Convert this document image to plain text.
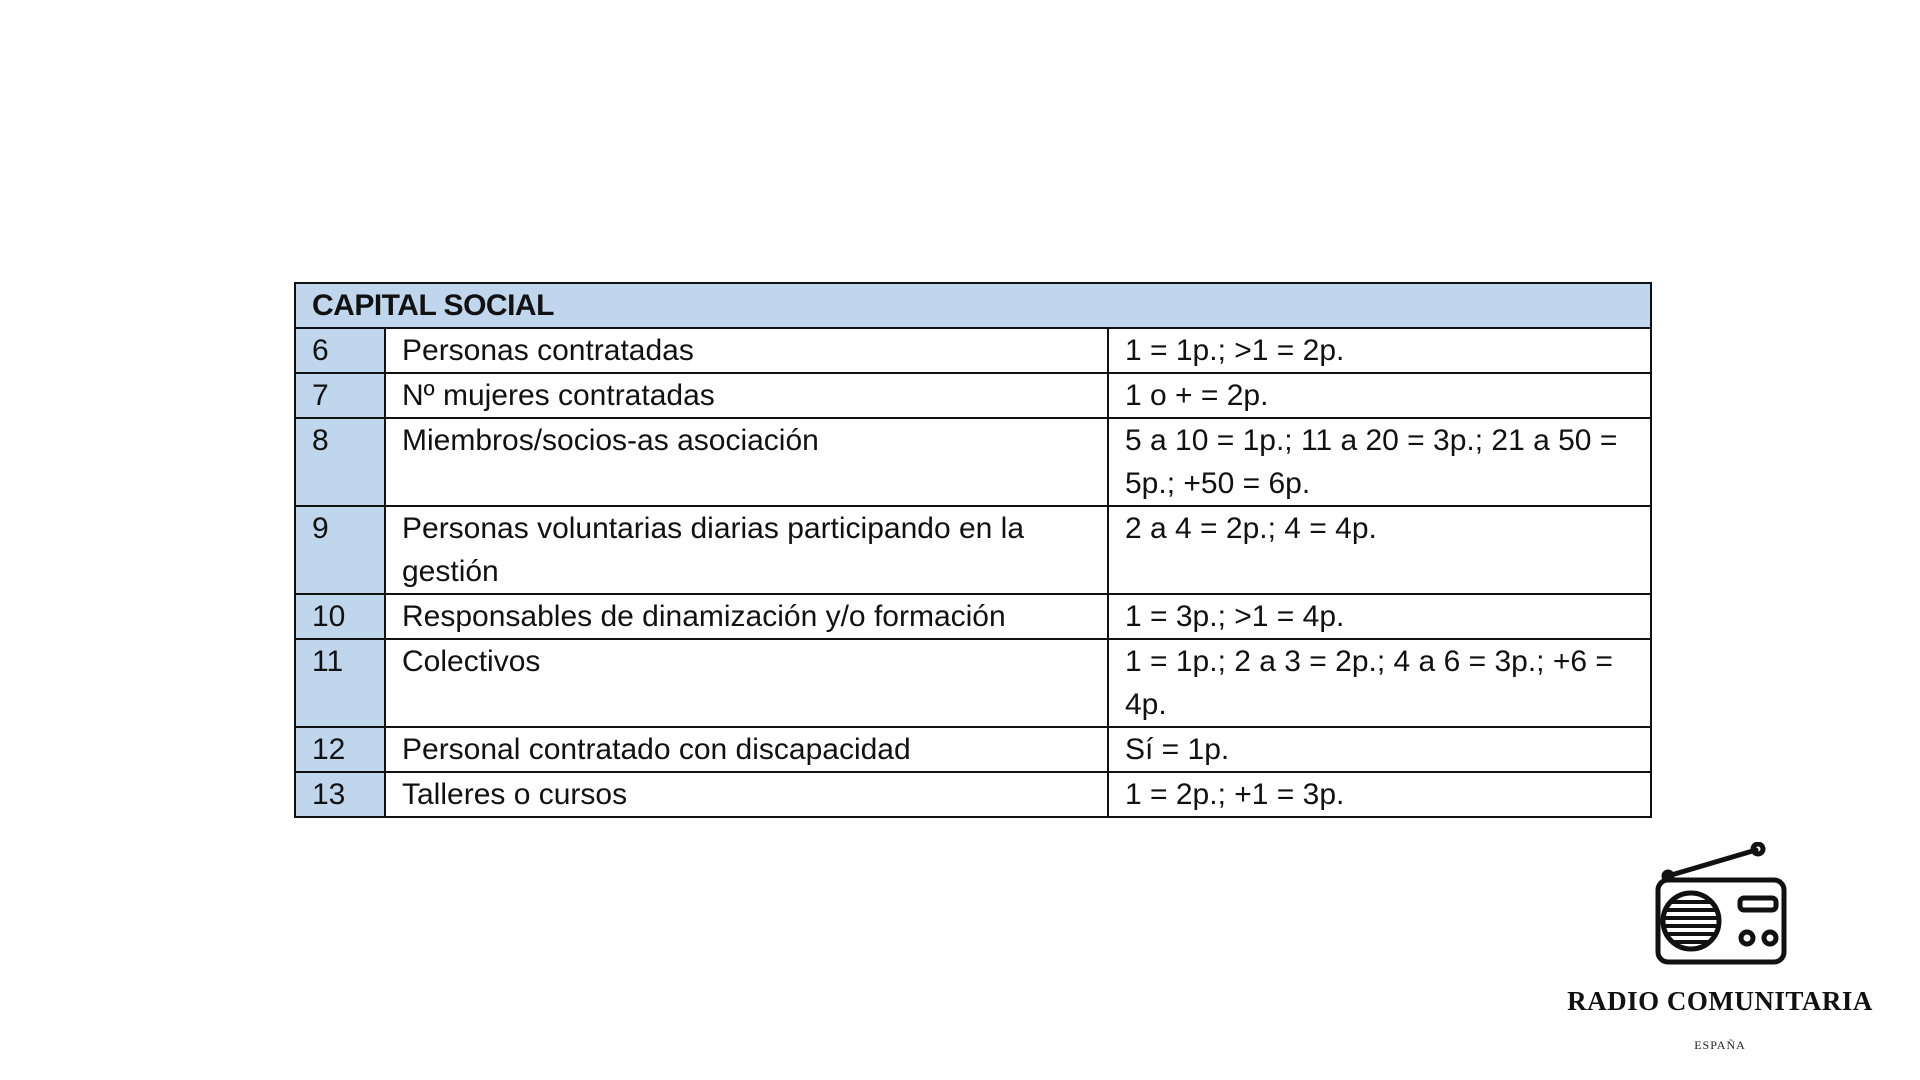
CAPITAL SOCIAL		
6	Personas contratadas	1 = 1p.; >1 = 2p.
7	Nº mujeres contratadas	1 o + = 2p.
8	Miembros/socios-as asociación	5 a 10 = 1p.; 11 a 20 = 3p.; 21 a 50 = 5p.; +50 = 6p.
9	Personas voluntarias diarias participando en la gestión	2 a 4 = 2p.; 4 = 4p.
10	Responsables de dinamización y/o formación	1 = 3p.; >1 = 4p.
11	Colectivos	1 = 1p.; 2 a 3 = 2p.; 4 a 6 = 3p.; +6 = 4p.
12	Personal contratado con discapacidad	Sí = 1p.
13	Talleres o cursos	1 = 2p.; +1 = 3p.
RADIO COMUNITARIA
ESPAÑA
